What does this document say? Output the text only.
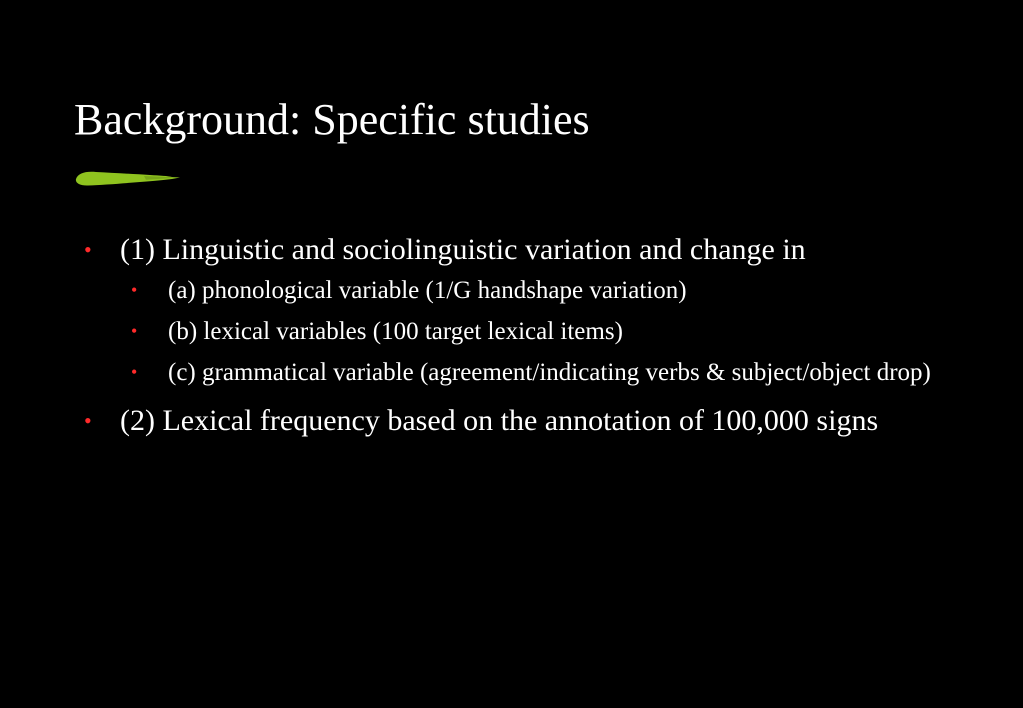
Background: Specific studies
• (1) Linguistic and sociolinguistic variation and change in
• (a) phonological variable (1/G handshape variation)
• (b) lexical variables (100 target lexical items)
• (c) grammatical variable (agreement/indicating verbs & subject/object drop)
• (2) Lexical frequency based on the annotation of 100,000 signs
